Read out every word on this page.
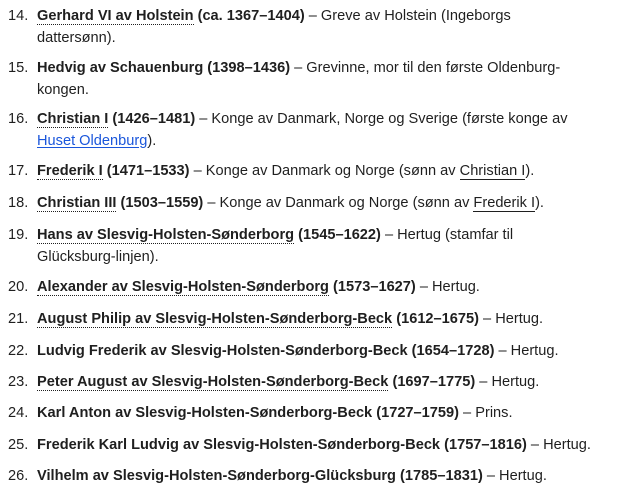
14. Gerhard VI av Holstein (ca. 1367–1404) – Greve av Holstein (Ingeborgs
dattersønn).
15. Hedvig av Schauenburg (1398–1436) – Grevinne, mor til den første Oldenburg-
kongen.
16. Christian I (1426–1481) – Konge av Danmark, Norge og Sverige (første konge av
Huset Oldenburg).
17. Frederik I (1471–1533) – Konge av Danmark og Norge (sønn av Christian I).
18. Christian III (1503–1559) – Konge av Danmark og Norge (sønn av Frederik I).
19. Hans av Slesvig-Holsten-Sønderborg (1545–1622) – Hertug (stamfar til
Glücksburg-linjen).
20. Alexander av Slesvig-Holsten-Sønderborg (1573–1627) – Hertug.
21. August Philip av Slesvig-Holsten-Sønderborg-Beck (1612–1675) – Hertug.
22. Ludvig Frederik av Slesvig-Holsten-Sønderborg-Beck (1654–1728) – Hertug.
23. Peter August av Slesvig-Holsten-Sønderborg-Beck (1697–1775) – Hertug.
24. Karl Anton av Slesvig-Holsten-Sønderborg-Beck (1727–1759) – Prins.
25. Frederik Karl Ludvig av Slesvig-Holsten-Sønderborg-Beck (1757–1816) – Hertug.
26. Vilhelm av Slesvig-Holsten-Sønderborg-Glücksburg (1785–1831) – Hertug.
